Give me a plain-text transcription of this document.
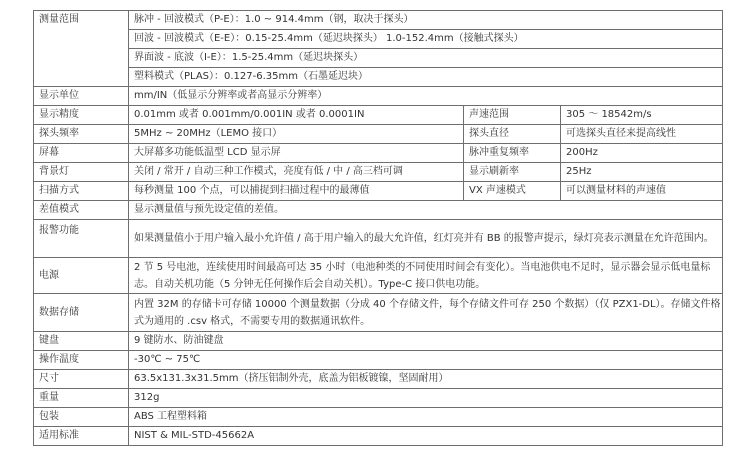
测量范围	脉冲 - 回波模式（P-E）：1.0 ~ 914.4mm（钢，取决于探头）		
	回波 - 回波模式（E-E）：0.15-25.4mm（延迟块探头） 1.0-152.4mm（接触式探头）		
	界面波 - 底波（I-E）：1.5-25.4mm（延迟块探头）		
	塑料模式（PLAS）：0.127-6.35mm（石墨延迟块）		
显示单位	mm/IN（低显示分辨率或者高显示分辨率）		
显示精度	0.01mm 或者 0.001mm/0.001IN 或者 0.0001IN	声速范围	305 ～ 18542m/s
探头频率	5MHz ~ 20MHz（LEMO 接口）	探头直径	可选探头直径来提高线性
屏幕	大屏幕多功能低温型 LCD 显示屏	脉冲重复频率	200Hz
背景灯	关闭 / 常开 / 自动三种工作模式，亮度有低 / 中 / 高三档可调	显示刷新率	25Hz
扫描方式	每秒测量 100 个点，可以捕捉到扫描过程中的最薄值	VX 声速模式	可以测量材料的声速值
差值模式	显示测量值与预先设定值的差值。		
报警功能	如果测量值小于用户输入最小允许值 / 高于用户输入的最大允许值，红灯亮并有 BB 的报警声提示，绿灯亮表示测量在允许范围内。		
电源	2 节 5 号电池，连续使用时间最高可达 35 小时（电池种类的不同使用时间会有变化）。当电池供电不足时，显示器会显示低电量标志。自动关机功能（5 分钟无任何操作后会自动关机）。Type-C 接口供电功能。		
数据存储	内置 32M 的存储卡可存储 10000 个测量数据（分成 40 个存储文件，每个存储文件可存 250 个数据）（仅 PZX1-DL）。存储文件格式为通用的 .csv 格式，不需要专用的数据通讯软件。		
键盘	9 键防水、防油键盘		
操作温度	-30℃ ~ 75℃		
尺寸	63.5x131.3x31.5mm（挤压铝制外壳，底盖为铝板镀镍，坚固耐用）		
重量	312g		
包装	ABS 工程塑料箱		
适用标准	NIST & MIL-STD-45662A		
